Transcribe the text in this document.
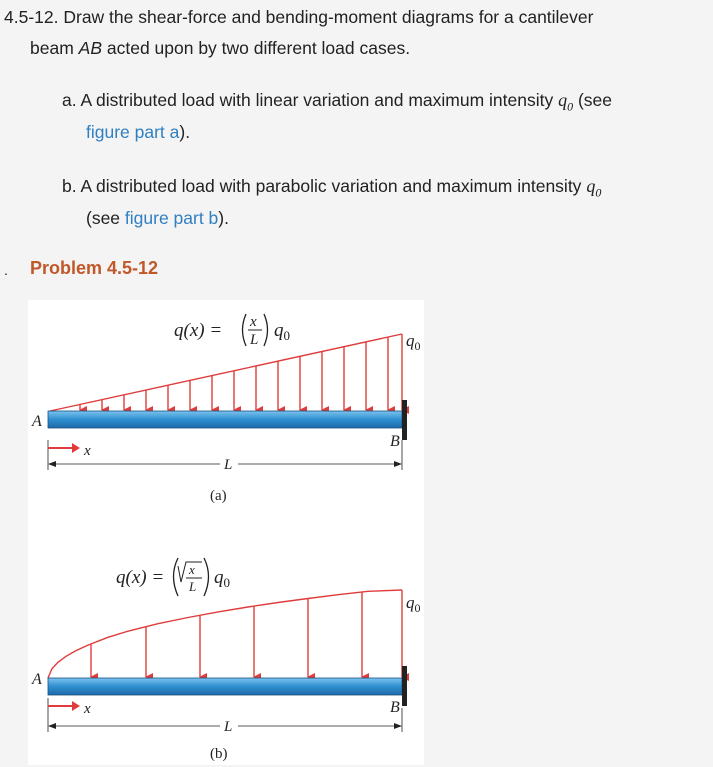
4.5-12. Draw the shear-force and bending-moment diagrams for a cantilever
beam AB acted upon by two different load cases.
a. A distributed load with linear variation and maximum intensity $q_0$ (see
figure part a).
b. A distributed load with parabolic variation and maximum intensity $q_0$
(see figure part b).
. Problem 4.5-12
q(x) = x
L $q_0$	$q_0$
A
B
x
L
(a)
q(x) = x
L $q_0$
$q_0$
A
B
x
L
(b)
